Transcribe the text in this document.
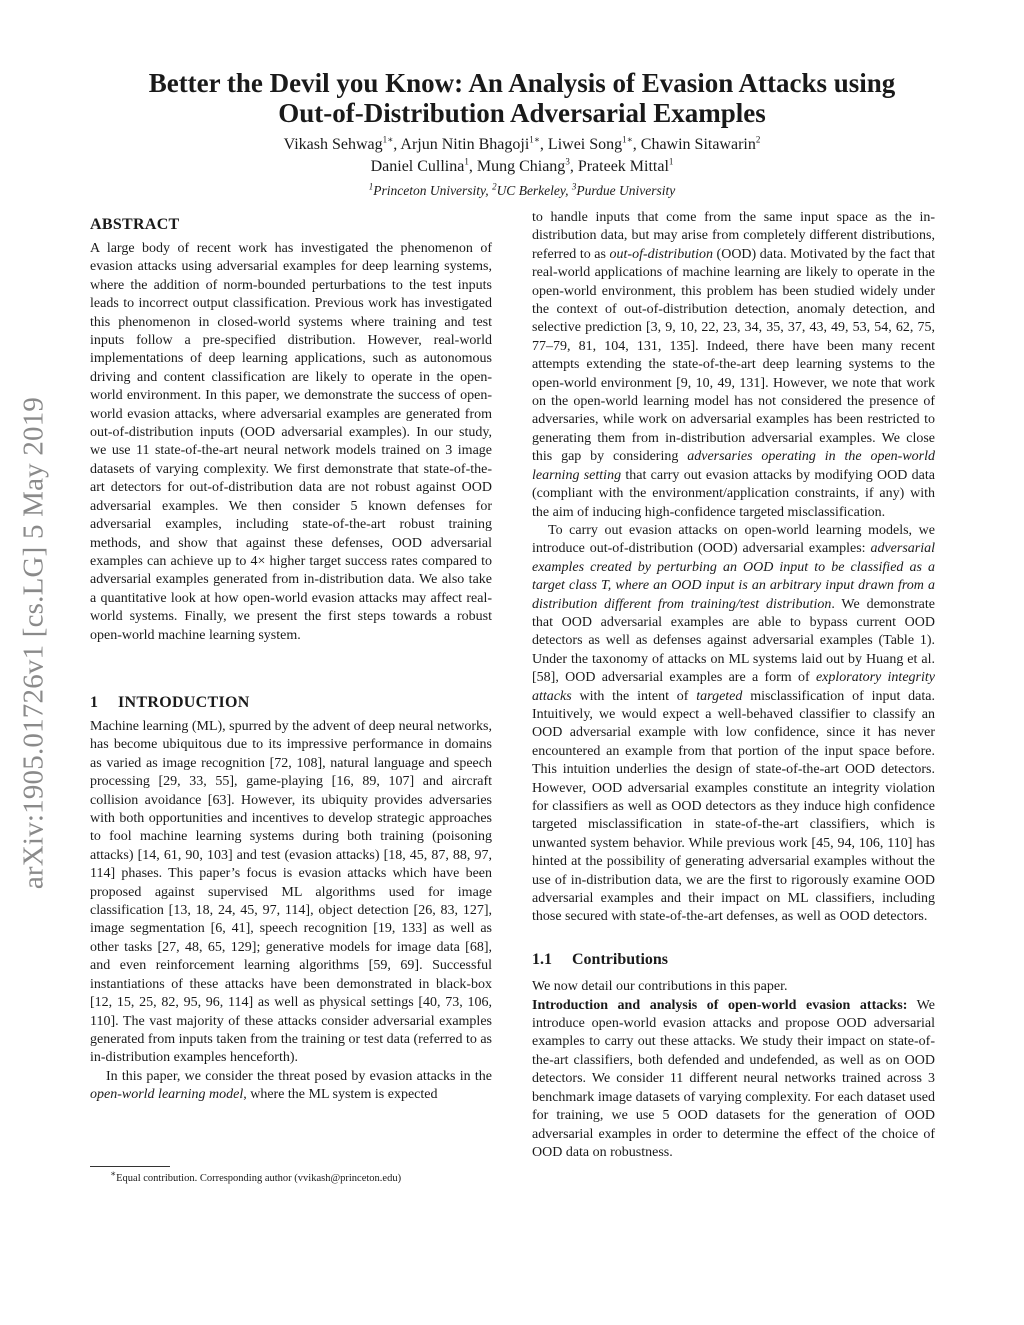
arXiv:1905.01726v1 [cs.LG] 5 May 2019
Better the Devil you Know: An Analysis of Evasion Attacks using
Out-of-Distribution Adversarial Examples
Vikash Sehwag$^{1∗}$, Arjun Nitin Bhagoji$^{1∗}$, Liwei Song$^{1∗}$, Chawin Sitawarin$^2$
Daniel Cullina$^1$, Mung Chiang$^3$, Prateek Mittal$^1$
$^1$Princeton University, $^2$UC Berkeley, $^3$Purdue University
ABSTRACT

A large body of recent work has investigated the phenomenon of evasion attacks using adversarial examples for deep learning systems, where the addition of norm-bounded perturbations to the test inputs leads to incorrect output classification. Previous work has investigated this phenomenon in closed-world systems where training and test inputs follow a pre-specified distribution. However, real-world implementations of deep learning applications, such as autonomous driving and content classification are likely to operate in the open-world environment. In this paper, we demonstrate the success of open-world evasion attacks, where adversarial examples are generated from out-of-distribution inputs (OOD adversarial examples). In our study, we use 11 state-of-the-art neural network models trained on 3 image datasets of varying complexity. We first demonstrate that state-of-the-art detectors for out-of-distribution data are not robust against OOD adversarial examples. We then consider 5 known defenses for adversarial examples, including state-of-the-art robust training methods, and show that against these defenses, OOD adversarial examples can achieve up to 4× higher target success rates compared to adversarial examples generated from in-distribution data. We also take a quantitative look at how open-world evasion attacks may affect real-world systems. Finally, we present the first steps towards a robust open-world machine learning system.

1 INTRODUCTION

Machine learning (ML), spurred by the advent of deep neural networks, has become ubiquitous due to its impressive performance in domains as varied as image recognition [72, 108], natural language and speech processing [29, 33, 55], game-playing [16, 89, 107] and aircraft collision avoidance [63]. However, its ubiquity provides adversaries with both opportunities and incentives to develop strategic approaches to fool machine learning systems during both training (poisoning attacks) [14, 61, 90, 103] and test (evasion attacks) [18, 45, 87, 88, 97, 114] phases. This paper’s focus is evasion attacks which have been proposed against supervised ML algorithms used for image classification [13, 18, 24, 45, 97, 114], object detection [26, 83, 127], image segmentation [6, 41], speech recognition [19, 133] as well as other tasks [27, 48, 65, 129]; generative models for image data [68], and even reinforcement learning algorithms [59, 69]. Successful instantiations of these attacks have been demonstrated in black-box [12, 15, 25, 82, 95, 96, 114] as well as physical settings [40, 73, 106, 110]. The vast majority of these attacks consider adversarial examples generated from inputs taken from the training or test data (referred to as in-distribution examples henceforth).

In this paper, we consider the threat posed by evasion attacks in the open-world learning model, where the ML system is expected

∗Equal contribution. Corresponding author (vvikash@princeton.edu)

to handle inputs that come from the same input space as the in-distribution data, but may arise from completely different distributions, referred to as out-of-distribution (OOD) data. Motivated by the fact that real-world applications of machine learning are likely to operate in the open-world environment, this problem has been studied widely under the context of out-of-distribution detection, anomaly detection, and selective prediction [3, 9, 10, 22, 23, 34, 35, 37, 43, 49, 53, 54, 62, 75, 77–79, 81, 104, 131, 135]. Indeed, there have been many recent attempts extending the state-of-the-art deep learning systems to the open-world environment [9, 10, 49, 131]. However, we note that work on the open-world learning model has not considered the presence of adversaries, while work on adversarial examples has been restricted to generating them from in-distribution adversarial examples. We close this gap by considering adversaries operating in the open-world learning setting that carry out evasion attacks by modifying OOD data (compliant with the environment/application constraints, if any) with the aim of inducing high-confidence targeted misclassification.

To carry out evasion attacks on open-world learning models, we introduce out-of-distribution (OOD) adversarial examples: adversarial examples created by perturbing an OOD input to be classified as a target class T, where an OOD input is an arbitrary input drawn from a distribution different from training/test distribution. We demonstrate that OOD adversarial examples are able to bypass current OOD detectors as well as defenses against adversarial examples (Table 1). Under the taxonomy of attacks on ML systems laid out by Huang et al. [58], OOD adversarial examples are a form of exploratory integrity attacks with the intent of targeted misclassification of input data. Intuitively, we would expect a well-behaved classifier to classify an OOD adversarial example with low confidence, since it has never encountered an example from that portion of the input space before. This intuition underlies the design of state-of-the-art OOD detectors. However, OOD adversarial examples constitute an integrity violation for classifiers as well as OOD detectors as they induce high confidence targeted misclassification in state-of-the-art classifiers, which is unwanted system behavior. While previous work [45, 94, 106, 110] has hinted at the possibility of generating adversarial examples without the use of in-distribution data, we are the first to rigorously examine OOD adversarial examples and their impact on ML classifiers, including those secured with state-of-the-art defenses, as well as OOD detectors.

1.1 Contributions

We now detail our contributions in this paper.

Introduction and analysis of open-world evasion attacks: We introduce open-world evasion attacks and propose OOD adversarial examples to carry out these attacks. We study their impact on state-of-the-art classifiers, both defended and undefended, as well as on OOD detectors. We consider 11 different neural networks trained across 3 benchmark image datasets of varying complexity. For each dataset used for training, we use 5 OOD datasets for the generation of OOD adversarial examples in order to determine the effect of the choice of OOD data on robustness.
